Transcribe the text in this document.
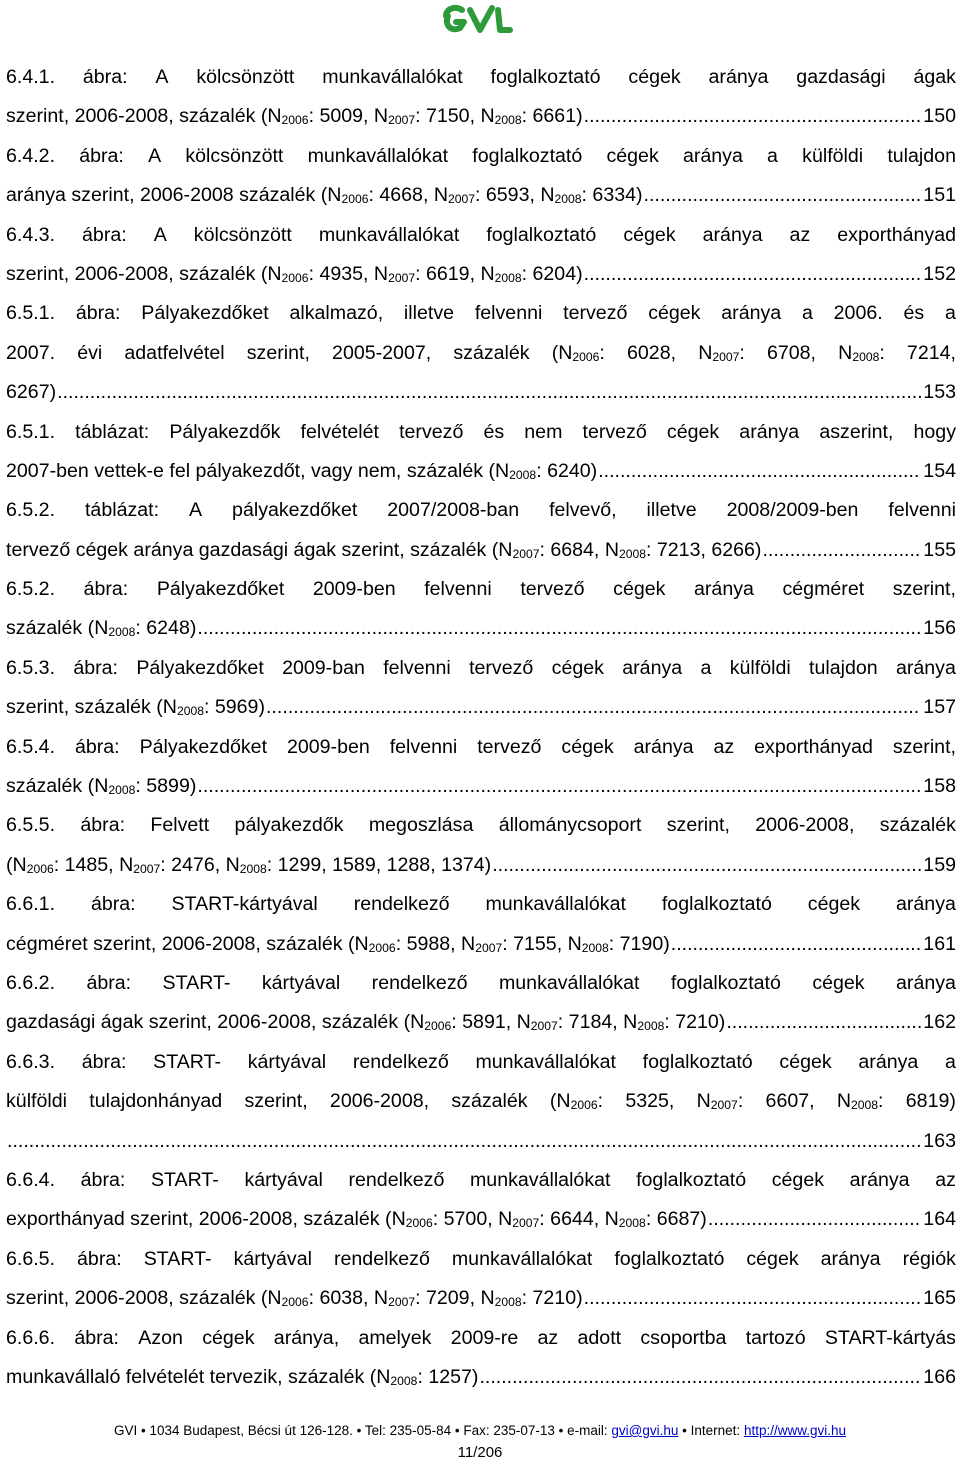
6.4.1. ábra: A kölcsönzött munkavállalókat foglalkoztató cégek aránya gazdasági ágak
szerint, 2006-2008, százalék ($N_{2006}$: 5009, $N_{2007}$: 7150, $N_{2008}$: 6661) .....	150
6.4.2. ábra: A kölcsönzött munkavállalókat foglalkoztató cégek aránya a külföldi tulajdon
aránya szerint, 2006-2008 százalék ($N_{2006}$: 4668, $N_{2007}$: 6593, $N_{2008}$: 6334) .....	151
6.4.3. ábra: A kölcsönzött munkavállalókat foglalkoztató cégek aránya az exporthányad
szerint, 2006-2008, százalék ($N_{2006}$: 4935, $N_{2007}$: 6619, $N_{2008}$: 6204) .....	152
6.5.1. ábra: Pályakezdőket alkalmazó, illetve felvenni tervező cégek aránya a 2006. és a
2007. évi adatfelvétel szerint, 2005-2007, százalék ($N_{2006}$: 6028, $N_{2007}$: 6708, $N_{2008}$: 7214,
6267) .....	153
6.5.1. táblázat: Pályakezdők felvételét tervező és nem tervező cégek aránya aszerint, hogy
2007-ben vettek-e fel pályakezdőt, vagy nem, százalék ($N_{2008}$: 6240) .....	154
6.5.2. táblázat: A pályakezdőket 2007/2008-ban felvevő, illetve 2008/2009-ben felvenni
tervező cégek aránya gazdasági ágak szerint, százalék ($N_{2007}$: 6684, $N_{2008}$: 7213, 6266) .....	155
6.5.2. ábra: Pályakezdőket 2009-ben felvenni tervező cégek aránya cégméret szerint,
százalék ($N_{2008}$: 6248) .....	156
6.5.3. ábra: Pályakezdőket 2009-ban felvenni tervező cégek aránya a külföldi tulajdon aránya
szerint, százalék ($N_{2008}$: 5969) .....	157
6.5.4. ábra: Pályakezdőket 2009-ben felvenni tervező cégek aránya az exporthányad szerint,
százalék ($N_{2008}$: 5899) .....	158
6.5.5. ábra: Felvett pályakezdők megoszlása állománycsoport szerint, 2006-2008, százalék
($N_{2006}$: 1485, $N_{2007}$: 2476, $N_{2008}$: 1299, 1589, 1288, 1374) .....	159
6.6.1. ábra: START-kártyával rendelkező munkavállalókat foglalkoztató cégek aránya
cégméret szerint, 2006-2008, százalék ($N_{2006}$: 5988, $N_{2007}$: 7155, $N_{2008}$: 7190) .....	161
6.6.2. ábra: START- kártyával rendelkező munkavállalókat foglalkoztató cégek aránya
gazdasági ágak szerint, 2006-2008, százalék ($N_{2006}$: 5891, $N_{2007}$: 7184, $N_{2008}$: 7210) .....	162
6.6.3. ábra: START- kártyával rendelkező munkavállalókat foglalkoztató cégek aránya a
külföldi tulajdonhányad szerint, 2006-2008, százalék ($N_{2006}$: 5325, $N_{2007}$: 6607, $N_{2008}$: 6819)
.....
163
6.6.4. ábra: START- kártyával rendelkező munkavállalókat foglalkoztató cégek aránya az
exporthányad szerint, 2006-2008, százalék ($N_{2006}$: 5700, $N_{2007}$: 6644, $N_{2008}$: 6687) .....	164
6.6.5. ábra: START- kártyával rendelkező munkavállalókat foglalkoztató cégek aránya régiók
szerint, 2006-2008, százalék ($N_{2006}$: 6038, $N_{2007}$: 7209, $N_{2008}$: 7210) .....	165
6.6.6. ábra: Azon cégek aránya, amelyek 2009-re az adott csoportba tartozó START-kártyás
munkavállaló felvételét tervezik, százalék ($N_{2008}$: 1257) .....	166
GVI • 1034 Budapest, Bécsi út 126-128. • Tel: 235-05-84 • Fax: 235-07-13 • e-mail: gvi@gvi.hu • Internet: http://www.gvi.hu
11/206
